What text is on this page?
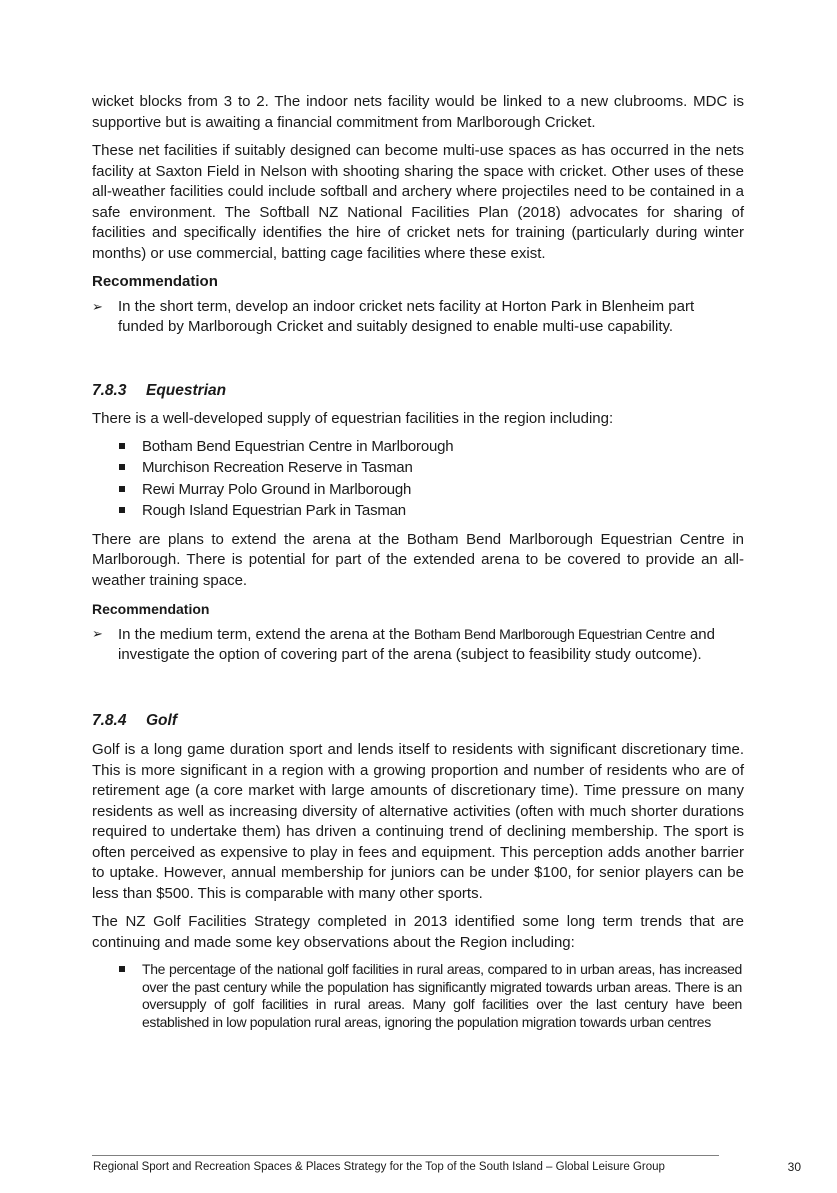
wicket blocks from 3 to 2. The indoor nets facility would be linked to a new clubrooms. MDC is supportive but is awaiting a financial commitment from Marlborough Cricket.

These net facilities if suitably designed can become multi-use spaces as has occurred in the nets facility at Saxton Field in Nelson with shooting sharing the space with cricket. Other uses of these all-weather facilities could include softball and archery where projectiles need to be contained in a safe environment. The Softball NZ National Facilities Plan (2018) advocates for sharing of facilities and specifically identifies the hire of cricket nets for training (particularly during winter months) or use commercial, batting cage facilities where these exist.

Recommendation
➢ In the short term, develop an indoor cricket nets facility at Horton Park in Blenheim part funded by Marlborough Cricket and suitably designed to enable multi-use capability.
7.8.3 Equestrian

There is a well-developed supply of equestrian facilities in the region including:

Botham Bend Equestrian Centre in Marlborough
Murchison Recreation Reserve in Tasman
Rewi Murray Polo Ground in Marlborough
Rough Island Equestrian Park in Tasman

There are plans to extend the arena at the Botham Bend Marlborough Equestrian Centre in Marlborough. There is potential for part of the extended arena to be covered to provide an all-weather training space.

Recommendation
➢ In the medium term, extend the arena at the Botham Bend Marlborough Equestrian Centre and investigate the option of covering part of the arena (subject to feasibility study outcome).
7.8.4 Golf

Golf is a long game duration sport and lends itself to residents with significant discretionary time. This is more significant in a region with a growing proportion and number of residents who are of retirement age (a core market with large amounts of discretionary time). Time pressure on many residents as well as increasing diversity of alternative activities (often with much shorter durations required to undertake them) has driven a continuing trend of declining membership. The sport is often perceived as expensive to play in fees and equipment. This perception adds another barrier to uptake. However, annual membership for juniors can be under $100, for senior players can be less than $500. This is comparable with many other sports.

The NZ Golf Facilities Strategy completed in 2013 identified some long term trends that are continuing and made some key observations about the Region including:

The percentage of the national golf facilities in rural areas, compared to in urban areas, has increased over the past century while the population has significantly migrated towards urban areas. There is an oversupply of golf facilities in rural areas. Many golf facilities over the last century have been established in low population rural areas, ignoring the population migration towards urban centres
Regional Sport and Recreation Spaces & Places Strategy for the Top of the South Island – Global Leisure Group	30
